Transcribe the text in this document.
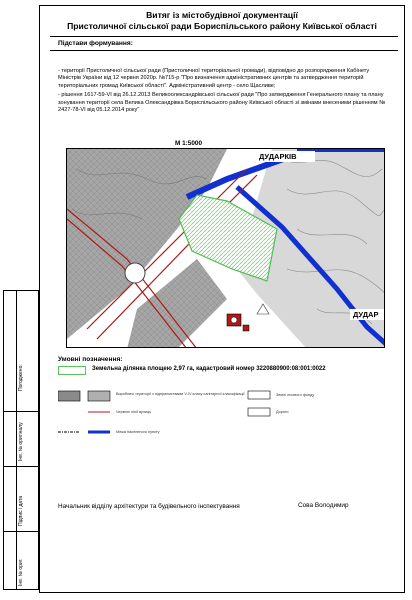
Витяг із містобудівної документації
Пристоличної сільської ради Бориспільського району Київської області
Підстави формування:

- території Пристоличної сільської ради (Пристоличної територіальної громади), відповідно до розпорядження Кабінету Міністрів України від 12 червня 2020р. №715-р "Про визначення адміністративних центрів та затвердження територій територіальних громад Київської області". Адміністративний центр - село Щасливе;

- рішення 1617-59-VI від 26.12.2013 Великоолександрівської сільської ради "Про затвердження Генерального плану та плану зонування території села Велика Олександрівка Бориспільського району Київської області зі змінами внесеними рішенням № 2427-78-VI від 05.12.2014 року"

М 1:5000
ДУДАРКІВ
ДУДАР
Умовні позначення:
Земельна ділянка площею 2,97 га, кадастровий номер 3220880900:08:001:0022
Виробничі території з підприємствами V-IV класу санітарної класифікації
Червоні лінії вулиць
Межа населеного пункту
Дороги
Землі лісового фонду
Начальник відділу архітектури та будівельного інспектування	Сова Володимир
Погоджено:
Інв. № оригіналу
Підпис і дата
Інв. № ориг.
